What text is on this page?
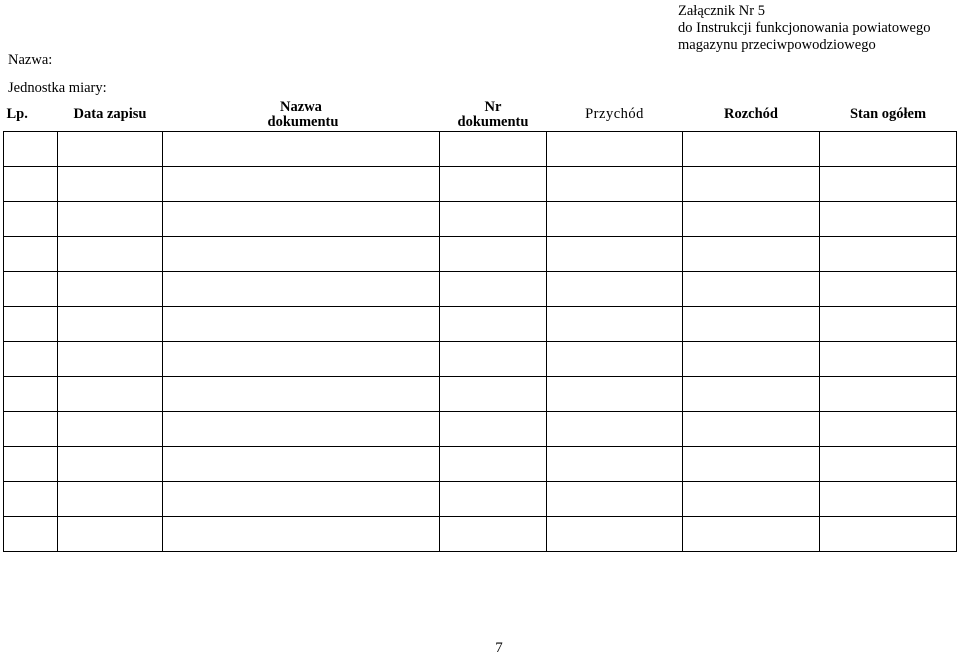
Załącznik Nr 5
do Instrukcji funkcjonowania powiatowego
magazynu przeciwpowodziowego
Nazwa:
Jednostka miary:
Lp.	Data zapisu	Nazwa dokumentu	Nr dokumentu	Przychód	Rozchód	Stan ogółem

7
